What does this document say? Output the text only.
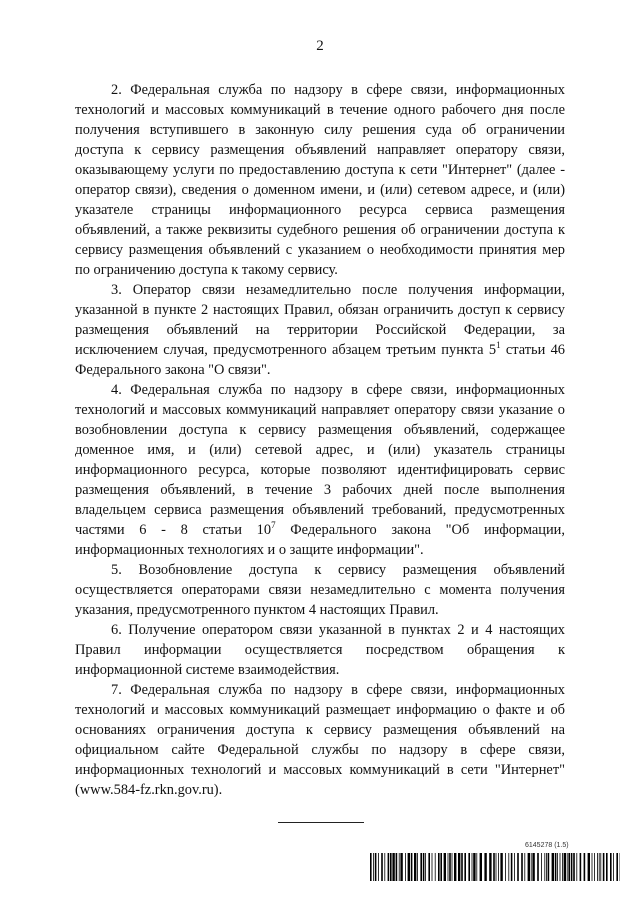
2

2. Федеральная служба по надзору в сфере связи, информационных технологий и массовых коммуникаций в течение одного рабочего дня после получения вступившего в законную силу решения суда об ограничении доступа к сервису размещения объявлений направляет оператору связи, оказывающему услуги по предоставлению доступа к сети "Интернет" (далее - оператор связи), сведения о доменном имени, и (или) сетевом адресе, и (или) указателе страницы информационного ресурса сервиса размещения объявлений, а также реквизиты судебного решения об ограничении доступа к сервису размещения объявлений с указанием о необходимости принятия мер по ограничению доступа к такому сервису.

3. Оператор связи незамедлительно после получения информации, указанной в пункте 2 настоящих Правил, обязан ограничить доступ к сервису размещения объявлений на территории Российской Федерации, за исключением случая, предусмотренного абзацем третьим пункта $5^1$ статьи 46 Федерального закона "О связи".

4. Федеральная служба по надзору в сфере связи, информационных технологий и массовых коммуникаций направляет оператору связи указание о возобновлении доступа к сервису размещения объявлений, содержащее доменное имя, и (или) сетевой адрес, и (или) указатель страницы информационного ресурса, которые позволяют идентифицировать сервис размещения объявлений, в течение 3 рабочих дней после выполнения владельцем сервиса размещения объявлений требований, предусмотренных частями 6 - 8 статьи $10^7$ Федерального закона "Об информации, информационных технологиях и о защите информации".

5. Возобновление доступа к сервису размещения объявлений осуществляется операторами связи незамедлительно с момента получения указания, предусмотренного пунктом 4 настоящих Правил.

6. Получение оператором связи указанной в пунктах 2 и 4 настоящих Правил информации осуществляется посредством обращения к информационной системе взаимодействия.

7. Федеральная служба по надзору в сфере связи, информационных технологий и массовых коммуникаций размещает информацию о факте и об основаниях ограничения доступа к сервису размещения объявлений на официальном сайте Федеральной службы по надзору в сфере связи, информационных технологий и массовых коммуникаций в сети "Интернет" (www.584-fz.rkn.gov.ru).

6145278 (1.5)
